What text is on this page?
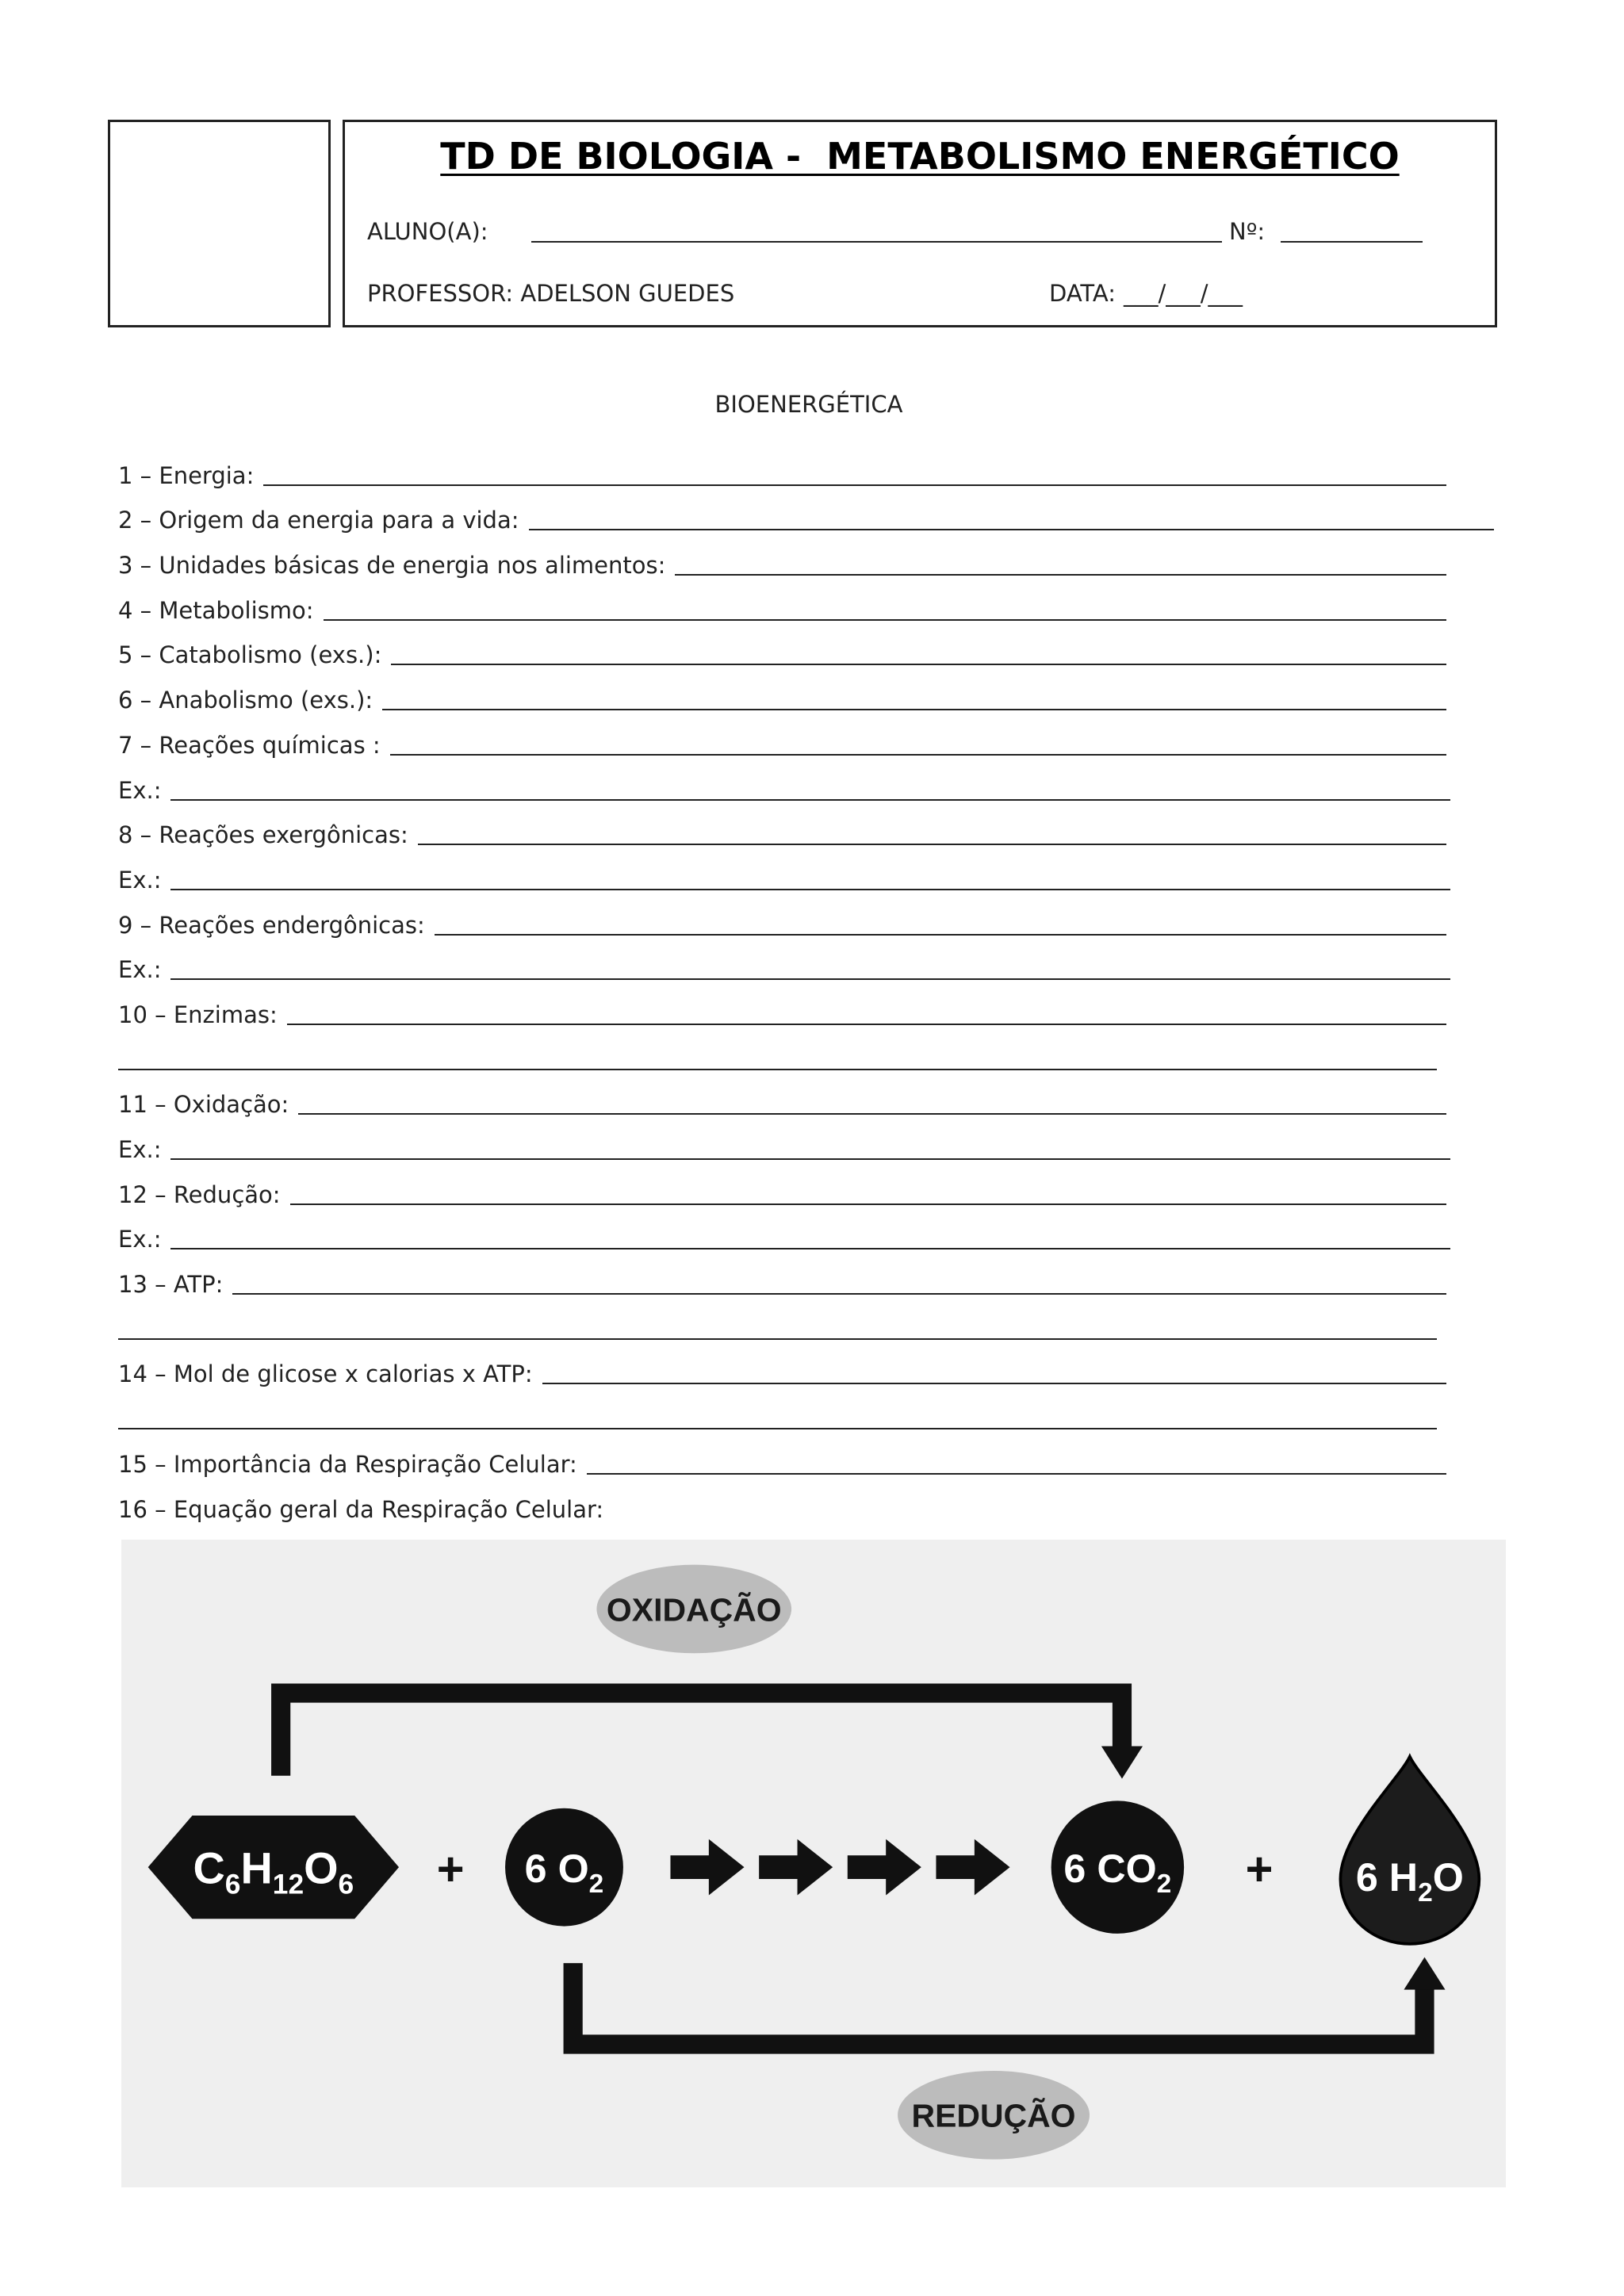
TD DE BIOLOGIA -  METABOLISMO ENERGÉTICO
ALUNO(A):	Nº:
PROFESSOR: ADELSON GUEDES	DATA: ___/___/___
BIOENERGÉTICA
1 – Energia:
2 – Origem da energia para a vida:
3 – Unidades básicas de energia nos alimentos:
4 – Metabolismo:
5 – Catabolismo (exs.):
6 – Anabolismo (exs.):
7 – Reações químicas :
Ex.:
8 – Reações exergônicas:
Ex.:
9 – Reações endergônicas:
Ex.:
10 – Enzimas:
11 – Oxidação:
Ex.:
12 – Redução:
Ex.:
13 – ATP:
14 – Mol de glicose x calorias x ATP:
15 – Importância da Respiração Celular:
16 – Equação geral da Respiração Celular:
OXIDAÇÃO
$C_6H_{12}O_6$	+	6 $O_2$	6 $CO_2$	+	6 $H_2O$
REDUÇÃO
